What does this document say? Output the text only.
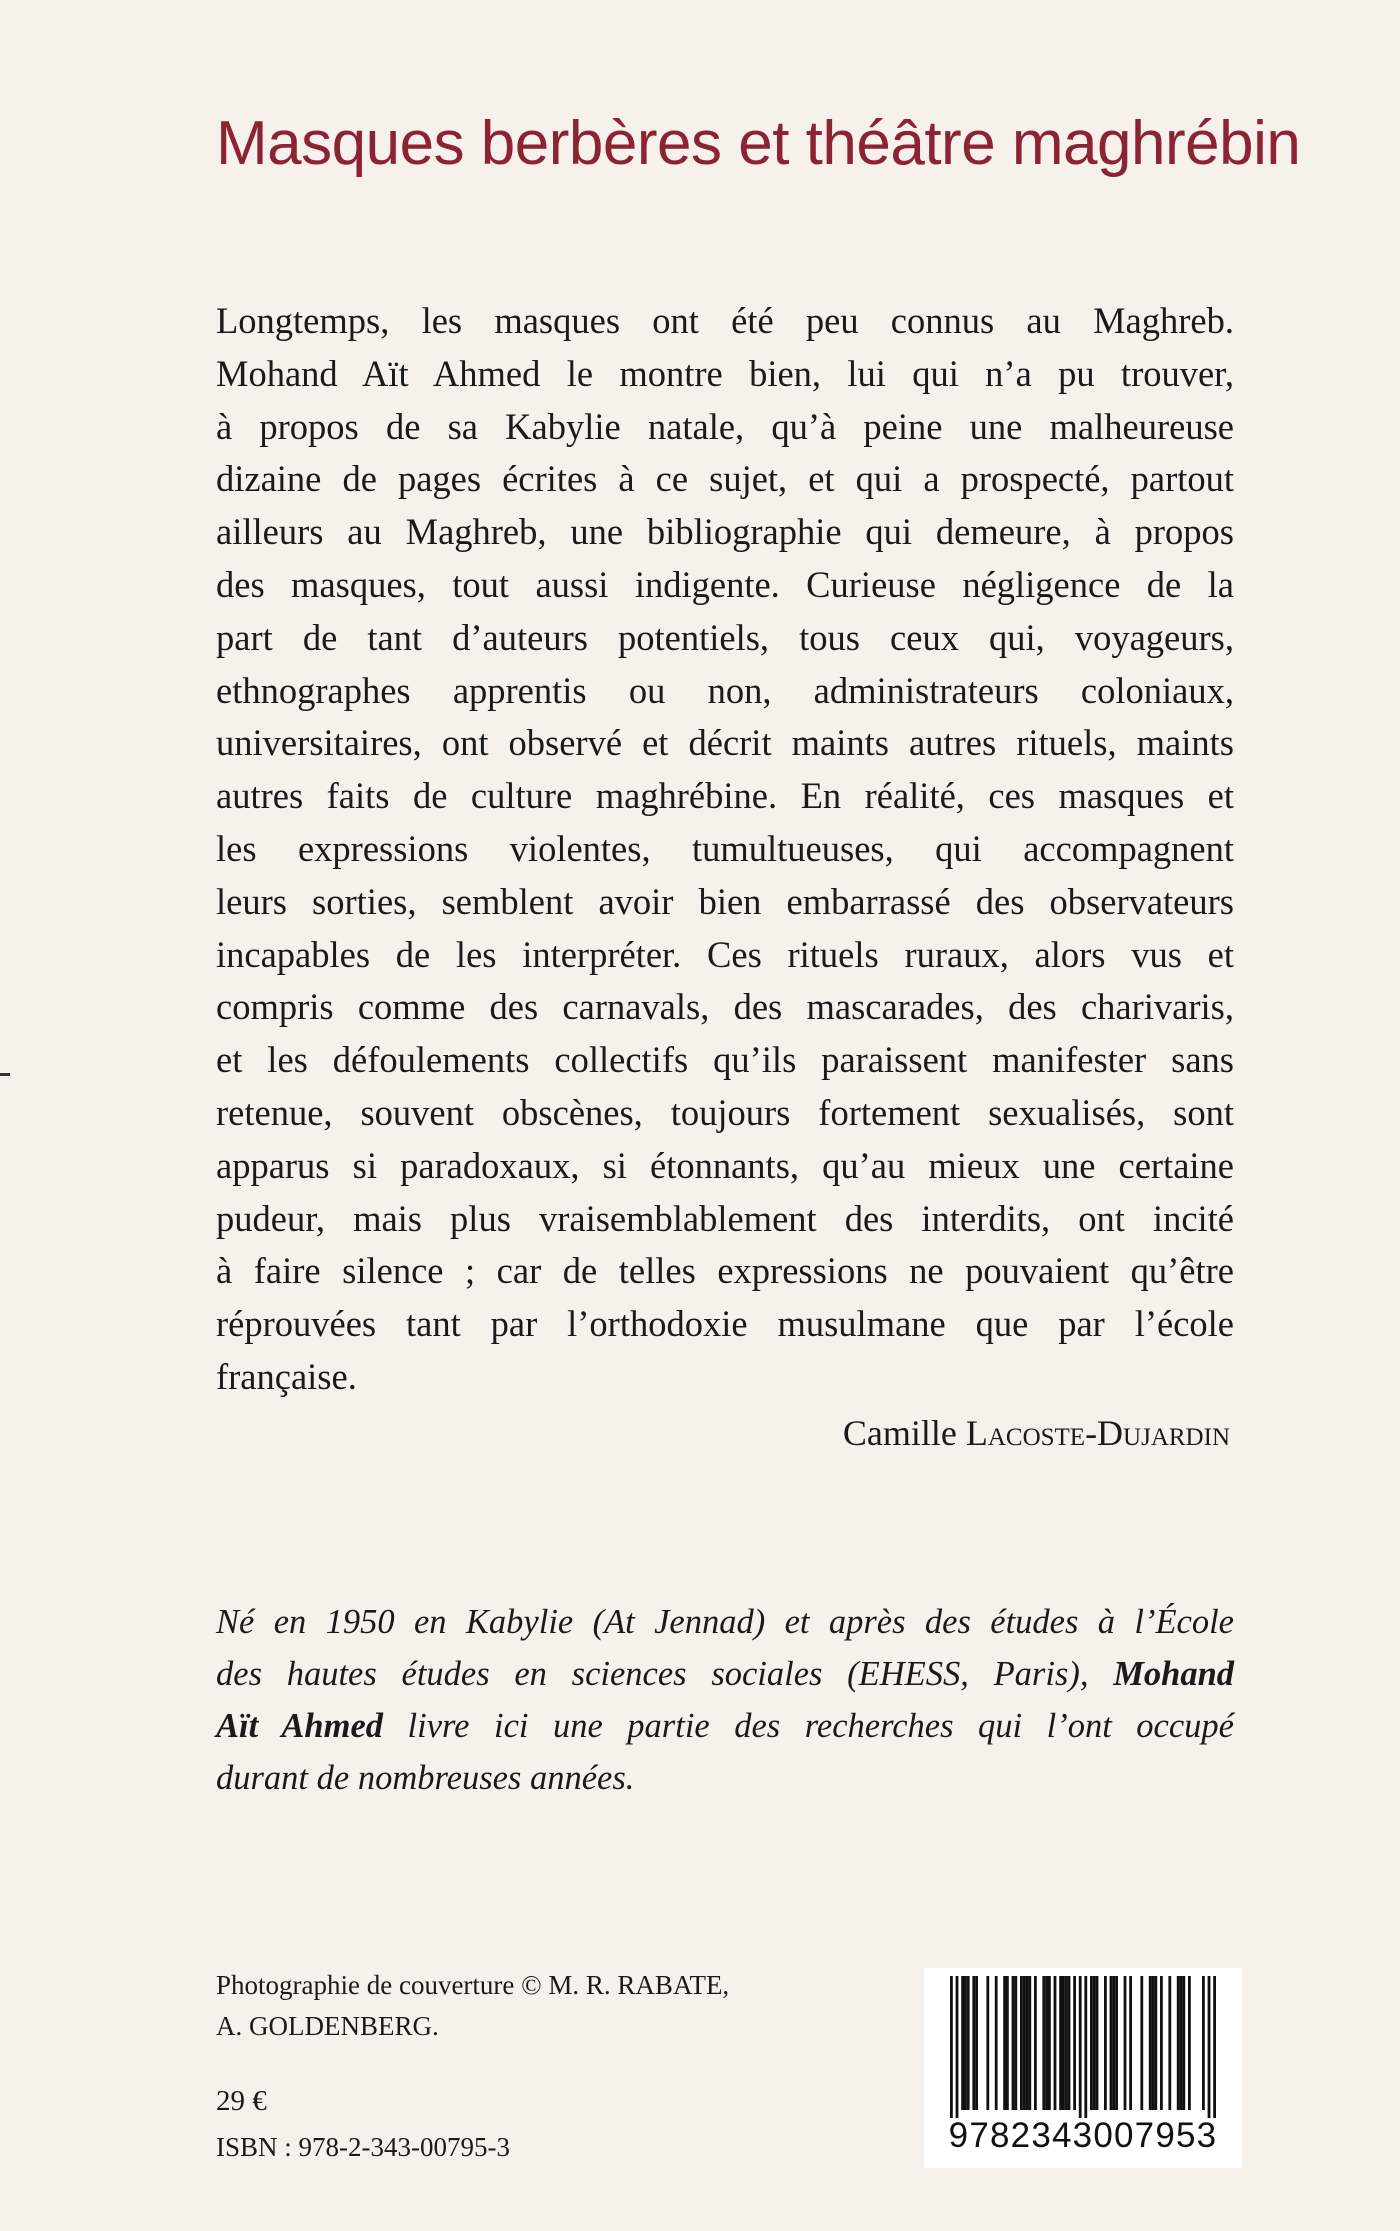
Masques berbères et théâtre maghrébin
Longtemps, les masques ont été peu connus au Maghreb.
Mohand Aït Ahmed le montre bien, lui qui n’a pu trouver,
à propos de sa Kabylie natale, qu’à peine une malheureuse
dizaine de pages écrites à ce sujet, et qui a prospecté, partout
ailleurs au Maghreb, une bibliographie qui demeure, à propos
des masques, tout aussi indigente. Curieuse négligence de la
part de tant d’auteurs potentiels, tous ceux qui, voyageurs,
ethnographes apprentis ou non, administrateurs coloniaux,
universitaires, ont observé et décrit maints autres rituels, maints
autres faits de culture maghrébine. En réalité, ces masques et
les expressions violentes, tumultueuses, qui accompagnent
leurs sorties, semblent avoir bien embarrassé des observateurs
incapables de les interpréter. Ces rituels ruraux, alors vus et
compris comme des carnavals, des mascarades, des charivaris,
et les défoulements collectifs qu’ils paraissent manifester sans
retenue, souvent obscènes, toujours fortement sexualisés, sont
apparus si paradoxaux, si étonnants, qu’au mieux une certaine
pudeur, mais plus vraisemblablement des interdits, ont incité
à faire silence ; car de telles expressions ne pouvaient qu’être
réprouvées tant par l’orthodoxie musulmane que par l’école
française.
Camille Lacoste-Dujardin
Né en 1950 en Kabylie (At Jennad) et après des études à l’École
des hautes études en sciences sociales (EHESS, Paris), Mohand
Aït Ahmed livre ici une partie des recherches qui l’ont occupé
durant de nombreuses années.
Photographie de couverture © M. R. RABATE,
A. GOLDENBERG.
29 €
ISBN : 978-2-343-00795-3	9782343007953
